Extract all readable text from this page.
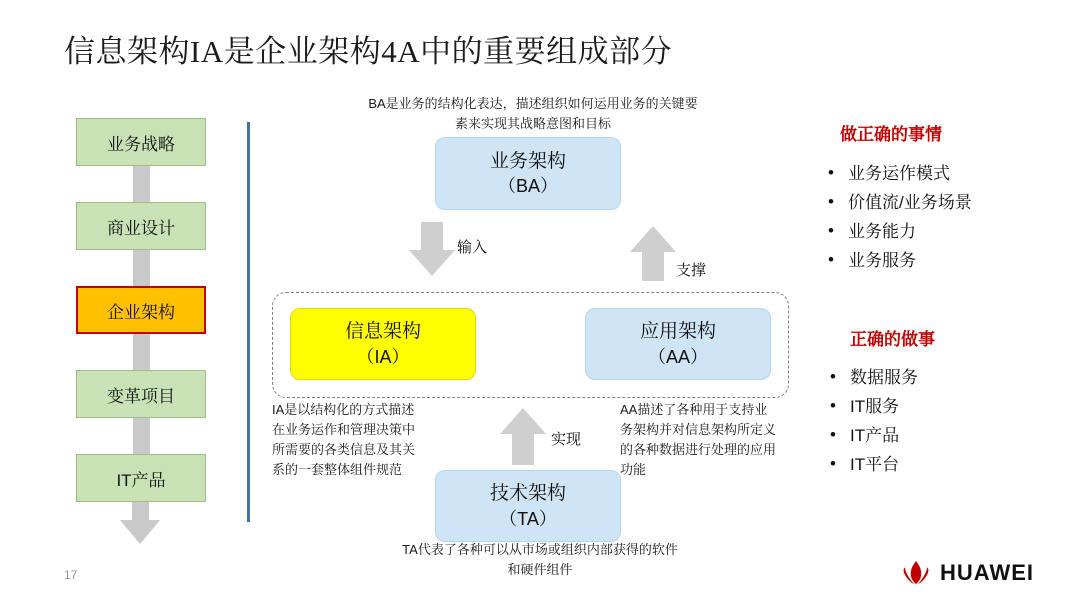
信息架构IA是企业架构4A中的重要组成部分
业务战略
商业设计
企业架构
变革项目
IT产品
BA是业务的结构化表达，描述组织如何运用业务的关键要素来实现其战略意图和目标
业务架构
（BA）
输入
支撑
信息架构
（IA）
应用架构
（AA）
IA是以结构化的方式描述在业务运作和管理决策中所需要的各类信息及其关系的一套整体组件规范
AA描述了各种用于支持业务架构并对信息架构所定义的各种数据进行处理的应用功能
实现
技术架构
（TA）
TA代表了各种可以从市场或组织内部获得的软件和硬件组件
做正确的事情
• 业务运作模式
• 价值流/业务场景
• 业务能力
• 业务服务
正确的做事
• 数据服务
• IT服务
• IT产品
• IT平台
17	HUAWEI
